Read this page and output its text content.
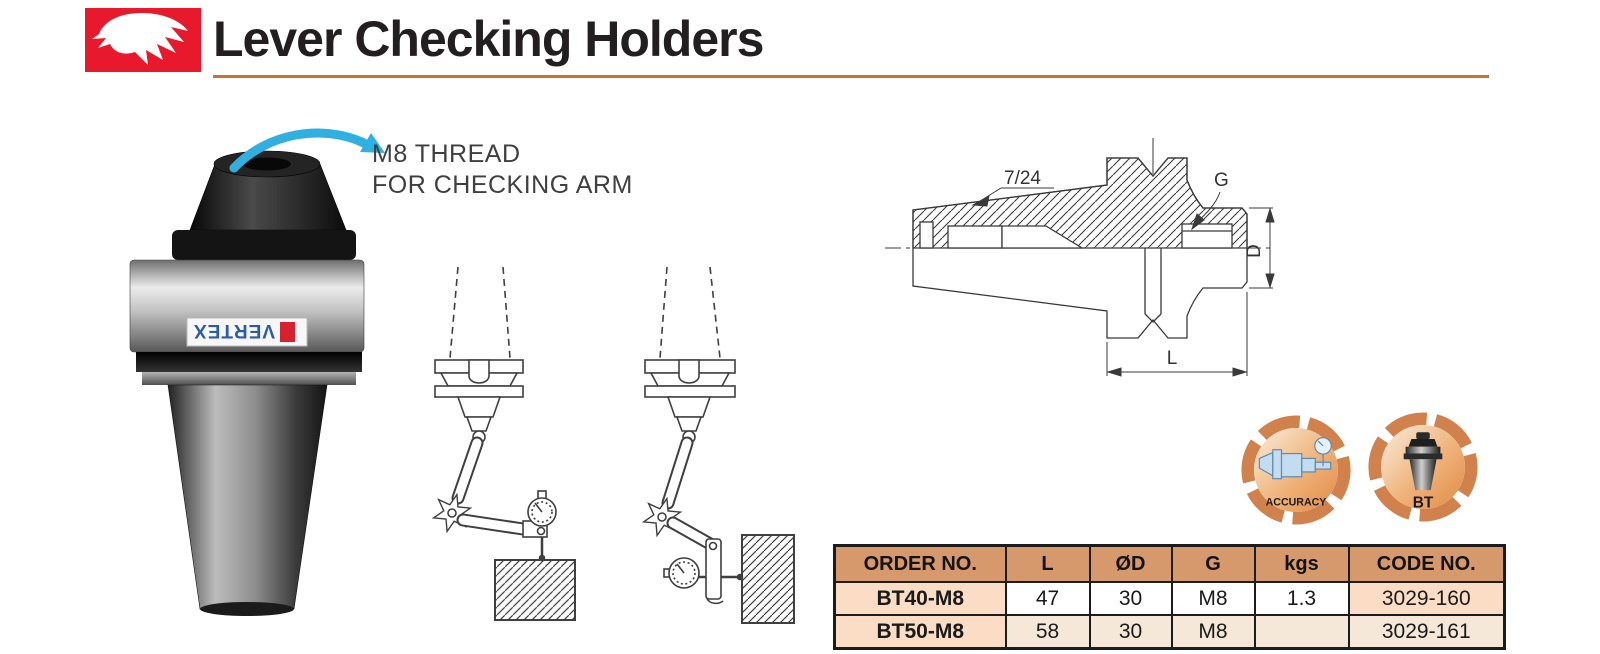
Lever Checking Holders
VERTEX
M8 THREAD
FOR CHECKING ARM	7/24	G
D
L
ACCURACY	BT
ORDER NO.	L	ØD	G	kgs	CODE NO.
BT40-M8	47	30	M8	1.3	3029-160
BT50-M8	58	30	M8		3029-161
